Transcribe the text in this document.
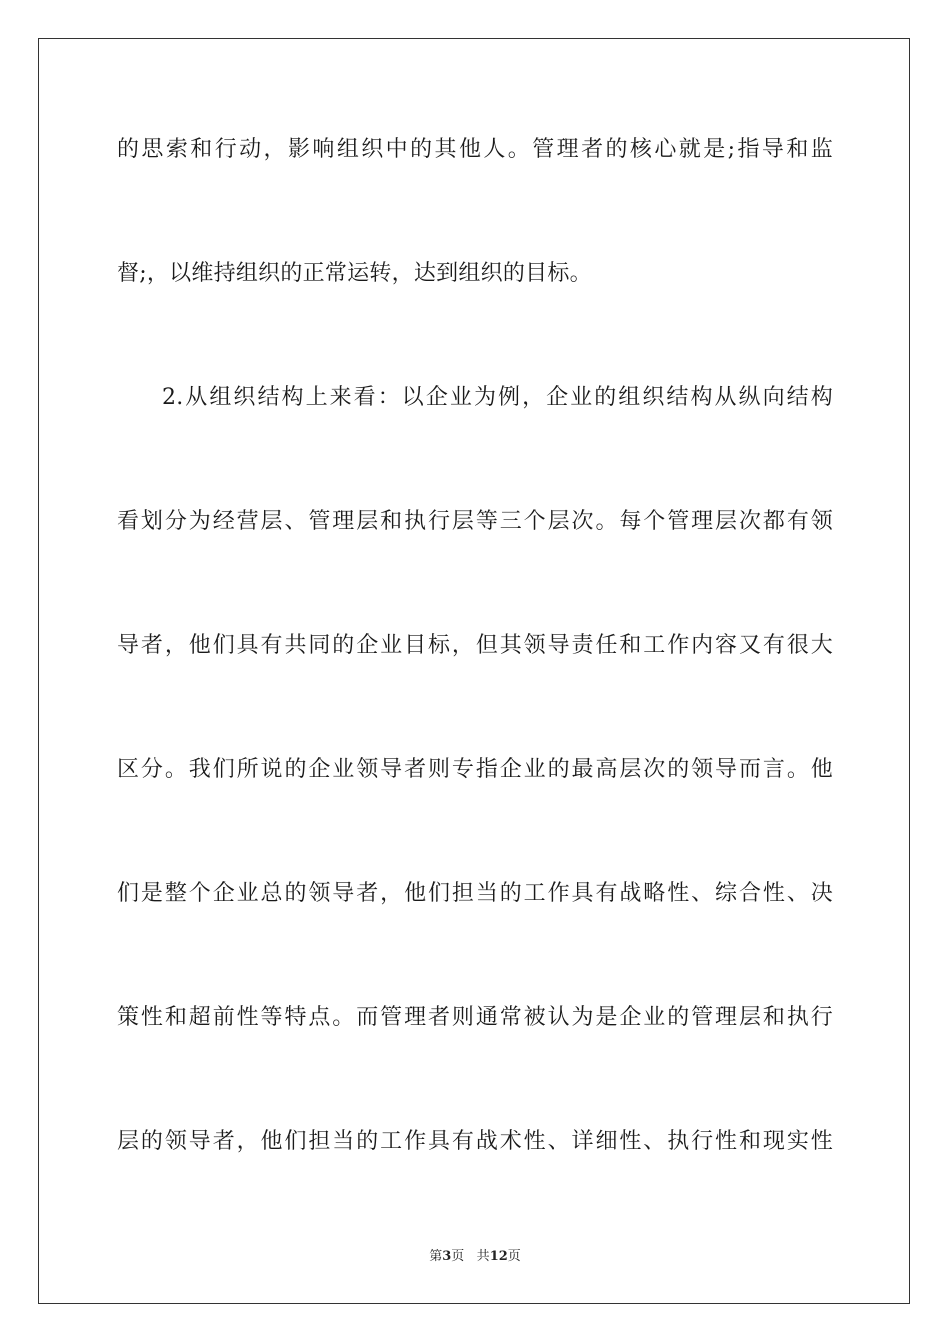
的思索和行动，影响组织中的其他人。管理者的核心就是;指导和监
督;，以维持组织的正常运转，达到组织的目标。
2.从组织结构上来看：以企业为例，企业的组织结构从纵向结构
看划分为经营层、管理层和执行层等三个层次。每个管理层次都有领
导者，他们具有共同的企业目标，但其领导责任和工作内容又有很大
区分。我们所说的企业领导者则专指企业的最高层次的领导而言。他
们是整个企业总的领导者，他们担当的工作具有战略性、综合性、决
策性和超前性等特点。而管理者则通常被认为是企业的管理层和执行
层的领导者，他们担当的工作具有战术性、详细性、执行性和现实性
第3页 共12页
